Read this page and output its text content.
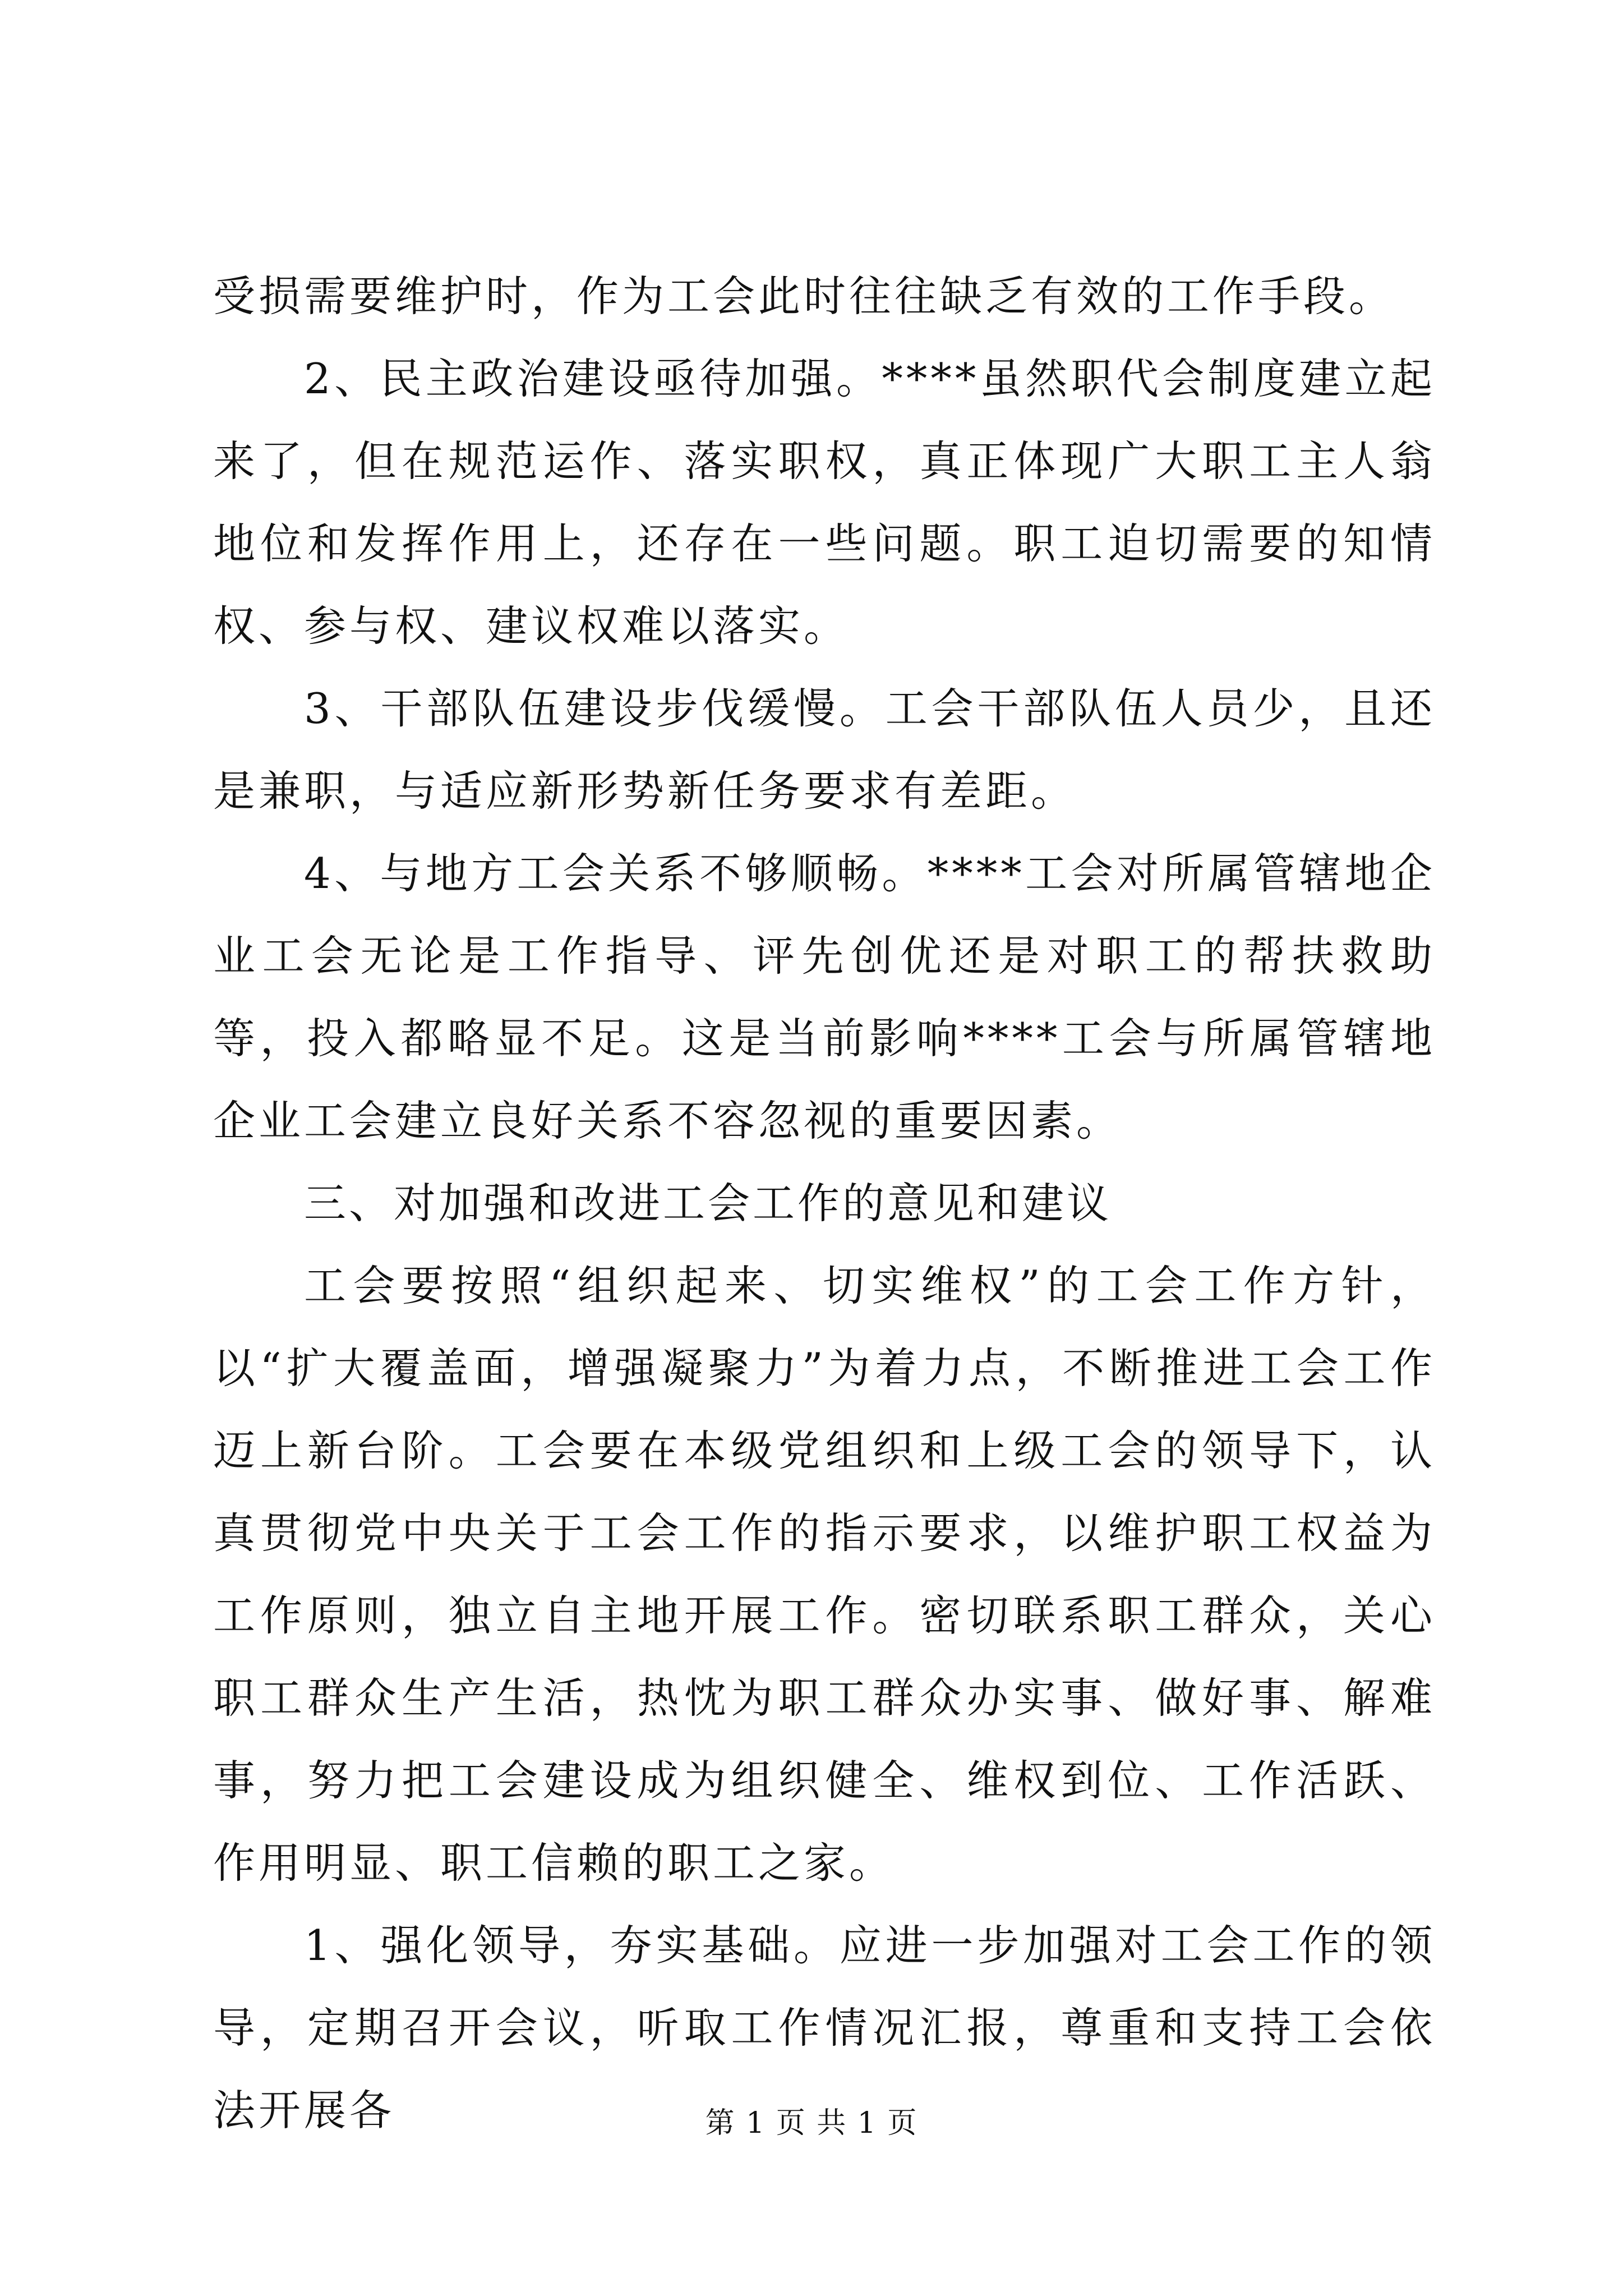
受损需要维护时，作为工会此时往往缺乏有效的工作手段。

2、民主政治建设亟待加强。****虽然职代会制度建立起来了，但在规范运作、落实职权，真正体现广大职工主人翁地位和发挥作用上，还存在一些问题。职工迫切需要的知情权、参与权、建议权难以落实。

3、干部队伍建设步伐缓慢。工会干部队伍人员少，且还是兼职，与适应新形势新任务要求有差距。

4、与地方工会关系不够顺畅。****工会对所属管辖地企业工会无论是工作指导、评先创优还是对职工的帮扶救助等，投入都略显不足。这是当前影响****工会与所属管辖地企业工会建立良好关系不容忽视的重要因素。

三、对加强和改进工会工作的意见和建议

工会要按照“组织起来、切实维权”的工会工作方针，以“扩大覆盖面，增强凝聚力”为着力点，不断推进工会工作迈上新台阶。工会要在本级党组织和上级工会的领导下，认真贯彻党中央关于工会工作的指示要求，以维护职工权益为工作原则，独立自主地开展工作。密切联系职工群众，关心职工群众生产生活，热忱为职工群众办实事、做好事、解难事，努力把工会建设成为组织健全、维权到位、工作活跃、作用明显、职工信赖的职工之家。

1、强化领导，夯实基础。应进一步加强对工会工作的领导，定期召开会议，听取工作情况汇报，尊重和支持工会依法开展各	第 1 页 共 1 页
